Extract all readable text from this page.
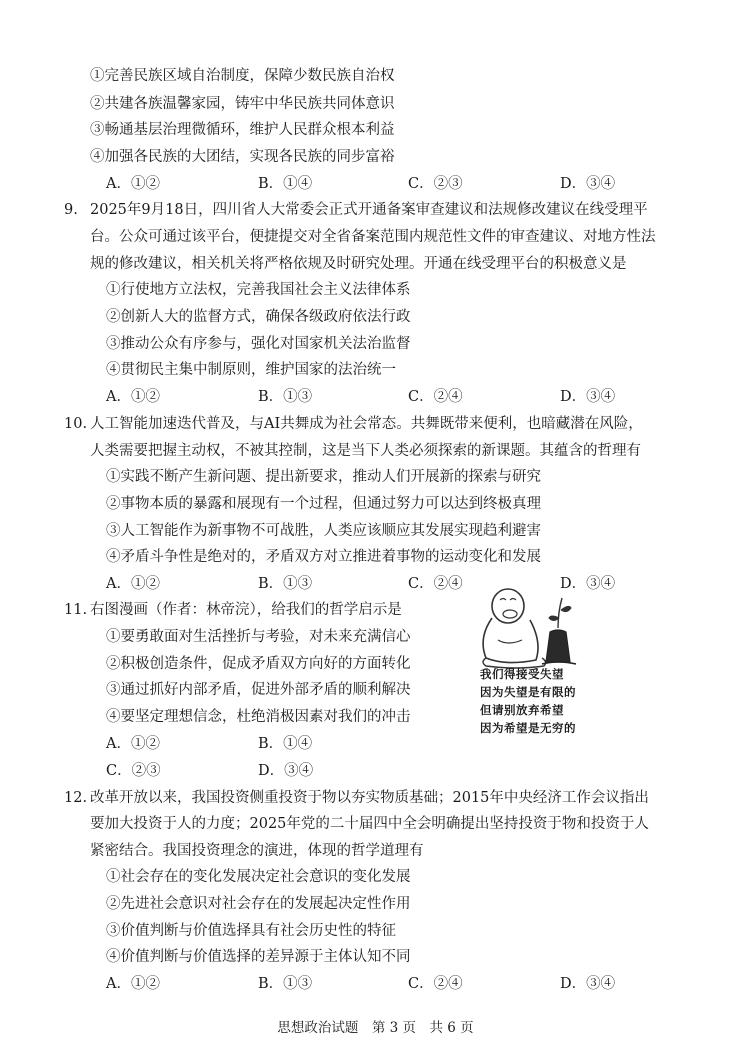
①完善民族区域自治制度，保障少数民族自治权
②共建各族温馨家园，铸牢中华民族共同体意识
③畅通基层治理微循环，维护人民群众根本利益
④加强各民族的大团结，实现各民族的同步富裕
A．①②	B．①④	C．②③	D．③④
9. 2025年9月18日，四川省人大常委会正式开通备案审查建议和法规修改建议在线受理平
台。公众可通过该平台，便捷提交对全省备案范围内规范性文件的审查建议、对地方性法
规的修改建议，相关机关将严格依规及时研究处理。开通在线受理平台的积极意义是
①行使地方立法权，完善我国社会主义法律体系
②创新人大的监督方式，确保各级政府依法行政
③推动公众有序参与，强化对国家机关法治监督
④贯彻民主集中制原则，维护国家的法治统一
A．①②	B．①③	C．②④	D．③④
10. 人工智能加速迭代普及，与AI共舞成为社会常态。共舞既带来便利，也暗藏潜在风险，
人类需要把握主动权，不被其控制，这是当下人类必须探索的新课题。其蕴含的哲理有
①实践不断产生新问题、提出新要求，推动人们开展新的探索与研究
②事物本质的暴露和展现有一个过程，但通过努力可以达到终极真理
③人工智能作为新事物不可战胜，人类应该顺应其发展实现趋利避害
④矛盾斗争性是绝对的，矛盾双方对立推进着事物的运动变化和发展
A．①②	B．①③	C．②④	D．③④
11. 右图漫画（作者：林帝浣），给我们的哲学启示是
①要勇敢面对生活挫折与考验，对未来充满信心
②积极创造条件，促成矛盾双方向好的方面转化
③通过抓好内部矛盾，促进外部矛盾的顺利解决
④要坚定理想信念，杜绝消极因素对我们的冲击
A．①②	B．①④
C．②③	D．③④
我们得接受失望
因为失望是有限的
但请别放弃希望
因为希望是无穷的
12. 改革开放以来，我国投资侧重投资于物以夯实物质基础；2015年中央经济工作会议指出
要加大投资于人的力度；2025年党的二十届四中全会明确提出坚持投资于物和投资于人
紧密结合。我国投资理念的演进，体现的哲学道理有
①社会存在的变化发展决定社会意识的变化发展
②先进社会意识对社会存在的发展起决定性作用
③价值判断与价值选择具有社会历史性的特征
④价值判断与价值选择的差异源于主体认知不同
A．①②	B．①③	C．②④	D．③④
思想政治试题　第 3 页　共 6 页
